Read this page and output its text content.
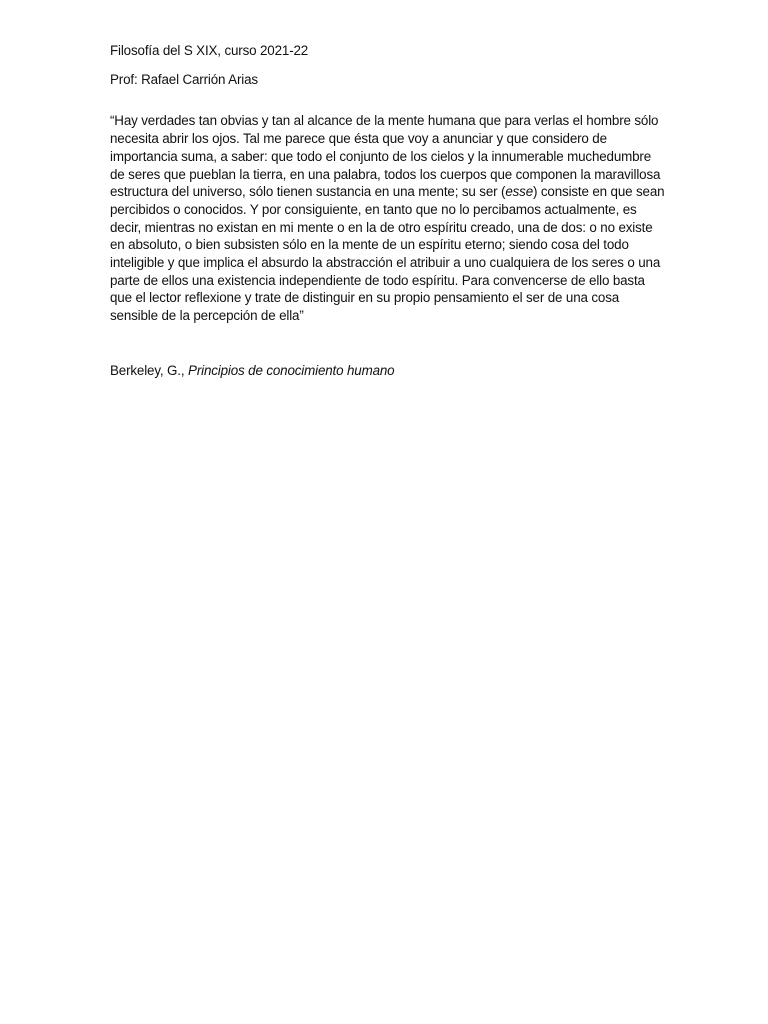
Filosofía del S XIX, curso 2021-22

Prof: Rafael Carrión Arias

“Hay verdades tan obvias y tan al alcance de la mente humana que para verlas el hombre sólo necesita abrir los ojos. Tal me parece que ésta que voy a anunciar y que considero de importancia suma, a saber: que todo el conjunto de los cielos y la innumerable muchedumbre de seres que pueblan la tierra, en una palabra, todos los cuerpos que componen la maravillosa estructura del universo, sólo tienen sustancia en una mente; su ser (esse) consiste en que sean percibidos o conocidos. Y por consiguiente, en tanto que no lo percibamos actualmente, es decir, mientras no existan en mi mente o en la de otro espíritu creado, una de dos: o no existe en absoluto, o bien subsisten sólo en la mente de un espíritu eterno; siendo cosa del todo inteligible y que implica el absurdo la abstracción el atribuir a uno cualquiera de los seres o una parte de ellos una existencia independiente de todo espíritu. Para convencerse de ello basta que el lector reflexione y trate de distinguir en su propio pensamiento el ser de una cosa sensible de la percepción de ella”

Berkeley, G., Principios de conocimiento humano
